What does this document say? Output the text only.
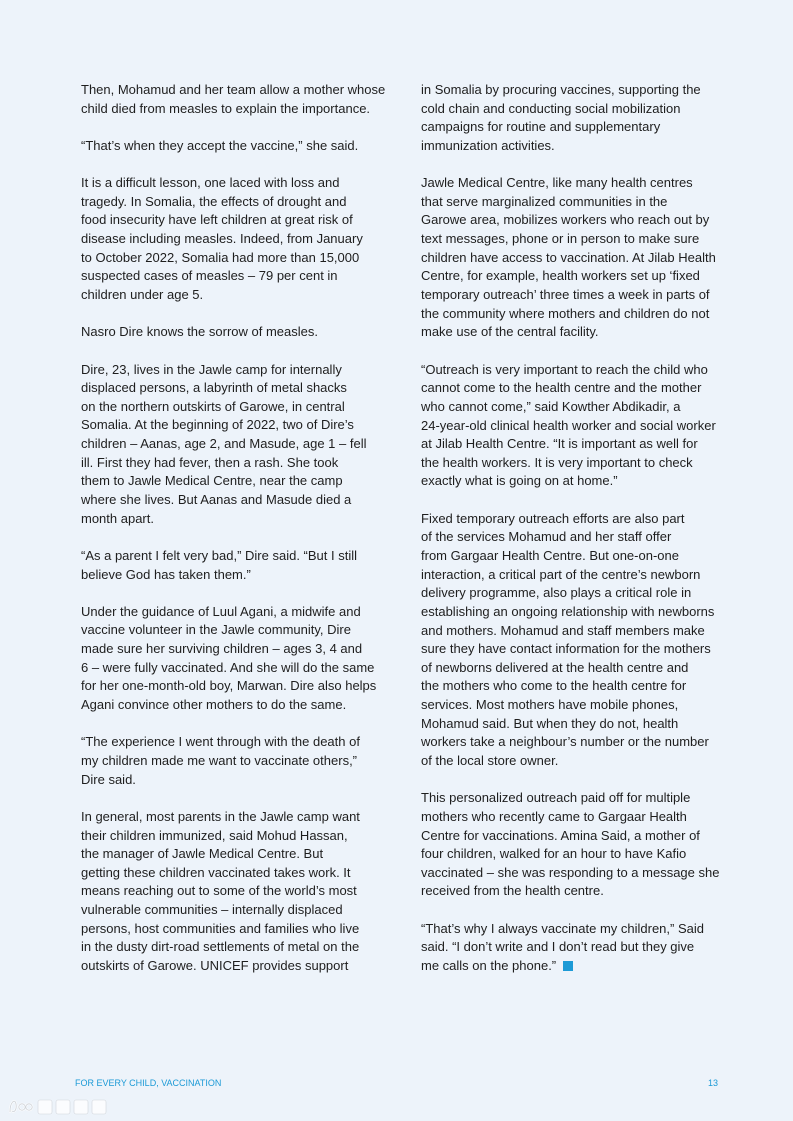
Then, Mohamud and her team allow a mother whose
child died from measles to explain the importance.

“That’s when they accept the vaccine,” she said.

It is a difficult lesson, one laced with loss and
tragedy. In Somalia, the effects of drought and
food insecurity have left children at great risk of
disease including measles. Indeed, from January
to October 2022, Somalia had more than 15,000
suspected cases of measles – 79 per cent in
children under age 5.

Nasro Dire knows the sorrow of measles.

Dire, 23, lives in the Jawle camp for internally
displaced persons, a labyrinth of metal shacks
on the northern outskirts of Garowe, in central
Somalia. At the beginning of 2022, two of Dire’s
children – Aanas, age 2, and Masude, age 1 – fell
ill. First they had fever, then a rash. She took
them to Jawle Medical Centre, near the camp
where she lives. But Aanas and Masude died a
month apart.

“As a parent I felt very bad,” Dire said. “But I still
believe God has taken them.”

Under the guidance of Luul Agani, a midwife and
vaccine volunteer in the Jawle community, Dire
made sure her surviving children – ages 3, 4 and
6 – were fully vaccinated. And she will do the same
for her one-month-old boy, Marwan. Dire also helps
Agani convince other mothers to do the same.

“The experience I went through with the death of
my children made me want to vaccinate others,”
Dire said.

In general, most parents in the Jawle camp want
their children immunized, said Mohud Hassan,
the manager of Jawle Medical Centre. But
getting these children vaccinated takes work. It
means reaching out to some of the world’s most
vulnerable communities – internally displaced
persons, host communities and families who live
in the dusty dirt-road settlements of metal on the
outskirts of Garowe. UNICEF provides support

in Somalia by procuring vaccines, supporting the
cold chain and conducting social mobilization
campaigns for routine and supplementary
immunization activities.

Jawle Medical Centre, like many health centres
that serve marginalized communities in the
Garowe area, mobilizes workers who reach out by
text messages, phone or in person to make sure
children have access to vaccination. At Jilab Health
Centre, for example, health workers set up ‘fixed
temporary outreach’ three times a week in parts of
the community where mothers and children do not
make use of the central facility.

“Outreach is very important to reach the child who
cannot come to the health centre and the mother
who cannot come,” said Kowther Abdikadir, a
24-year-old clinical health worker and social worker
at Jilab Health Centre. “It is important as well for
the health workers. It is very important to check
exactly what is going on at home.”

Fixed temporary outreach efforts are also part
of the services Mohamud and her staff offer
from Gargaar Health Centre. But one-on-one
interaction, a critical part of the centre’s newborn
delivery programme, also plays a critical role in
establishing an ongoing relationship with newborns
and mothers. Mohamud and staff members make
sure they have contact information for the mothers
of newborns delivered at the health centre and
the mothers who come to the health centre for
services. Most mothers have mobile phones,
Mohamud said. But when they do not, health
workers take a neighbour’s number or the number
of the local store owner.

This personalized outreach paid off for multiple
mothers who recently came to Gargaar Health
Centre for vaccinations. Amina Said, a mother of
four children, walked for an hour to have Kafio
vaccinated – she was responding to a message she
received from the health centre.

“That’s why I always vaccinate my children,” Said
said. “I don’t write and I don’t read but they give
me calls on the phone.”

FOR EVERY CHILD, VACCINATION	13
